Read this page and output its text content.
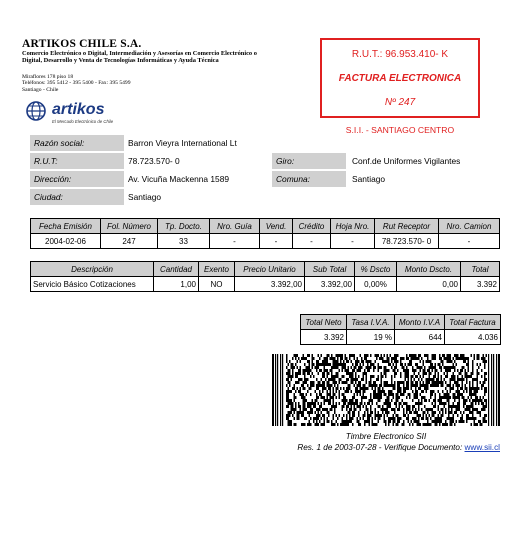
ARTIKOS CHILE S.A.
Comercio Electrónico o Digital, Intermediación y Asesorías en Comercio Electrónico o Digital, Desarrollo y Venta de Tecnologías Informáticas y Ayuda Técnica
Miraflores 178 piso 18
Teléfonos: 395 5412 - 395 5400 - Fax: 395 5499
Santiago - Chile
artikos
El Mercado Electrónico de Chile
R.U.T.: 96.953.410- K
FACTURA ELECTRONICA
Nº 247
S.I.I. - SANTIAGO CENTRO
Razón social:	Barron Vieyra International Lt
R.U.T:	78.723.570- 0	Giro:	Conf.de Uniformes Vigilantes
Dirección:	Av. Vicuña Mackenna 1589	Comuna:	Santiago
Ciudad:	Santiago
Fecha Emisión	Fol. Número	Tp. Docto.	Nro. Guía	Vend.	Crédito	Hoja Nro.	Rut Receptor	Nro. Camion
2004-02-06	247	33	-	-	-	-	78.723.570- 0	-
Descripción	Cantidad	Exento	Precio Unitario	Sub Total	% Dscto	Monto Dscto.	Total
Servicio Básico Cotizaciones	1,00	NO	3.392,00	3.392,00	0,00%	0,00	3.392
Total Neto	Tasa I.V.A.	Monto I.V.A	Total Factura
3.392	19 %	644	4.036
Timbre Electronico SII
Res. 1 de 2003-07-28 - Verifique Documento: www.sii.cl
